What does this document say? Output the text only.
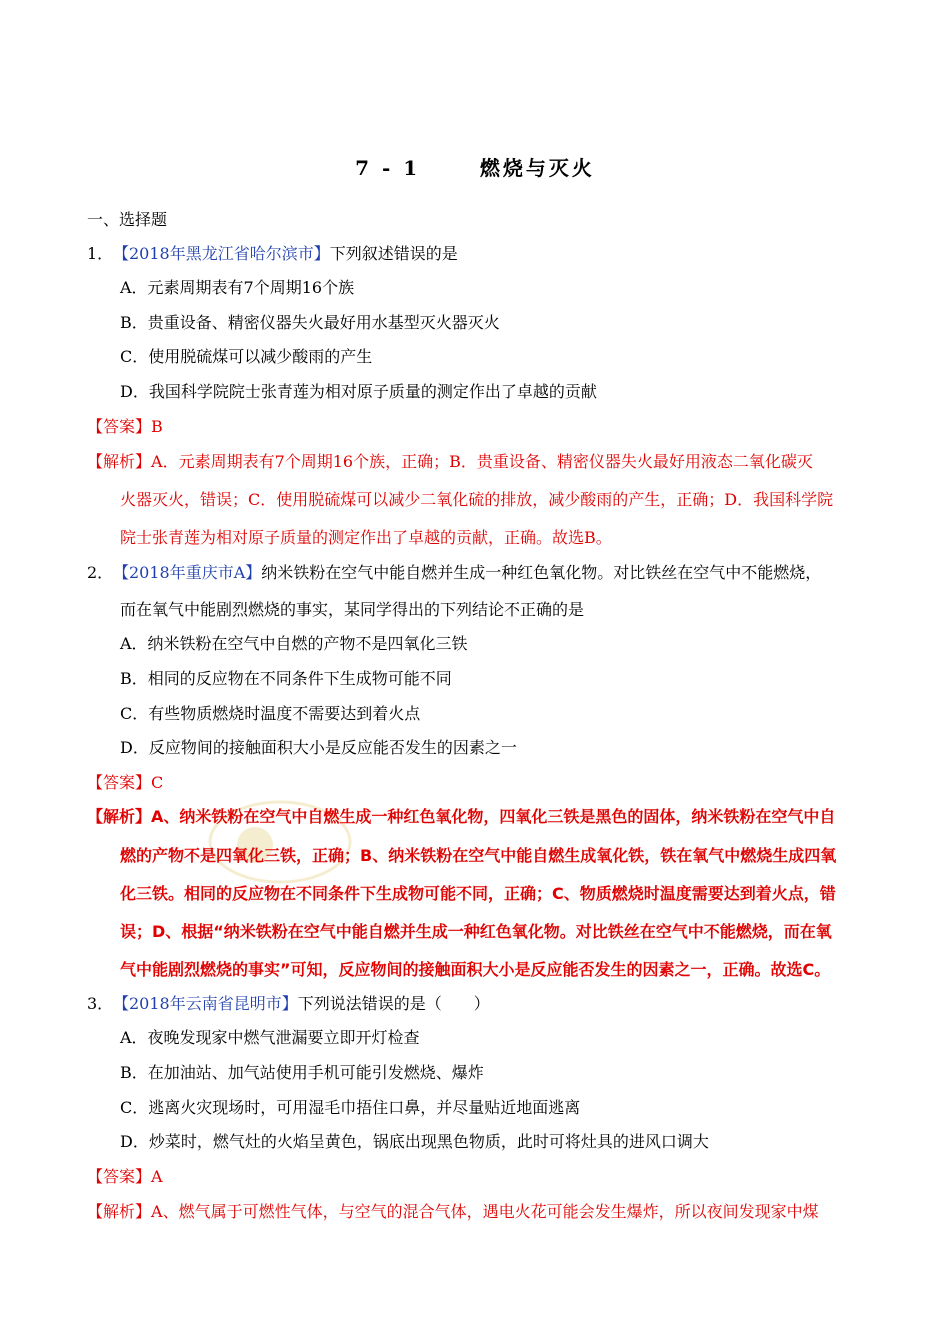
7 - 1      燃烧与灭火
一、选择题
1．【2018年黑龙江省哈尔滨市】下列叙述错误的是
A．元素周期表有7个周期16个族
B．贵重设备、精密仪器失火最好用水基型灭火器灭火
C．使用脱硫煤可以减少酸雨的产生
D．我国科学院院士张青莲为相对原子质量的测定作出了卓越的贡献
【答案】B
【解析】A．元素周期表有7个周期16个族，正确；B．贵重设备、精密仪器失火最好用液态二氧化碳灭
火器灭火，错误；C．使用脱硫煤可以减少二氧化硫的排放，减少酸雨的产生，正确；D．我国科学院
院士张青莲为相对原子质量的测定作出了卓越的贡献，正确。故选B。
2．【2018年重庆市A】纳米铁粉在空气中能自燃并生成一种红色氧化物。对比铁丝在空气中不能燃烧，
而在氧气中能剧烈燃烧的事实，某同学得出的下列结论不正确的是
A．纳米铁粉在空气中自燃的产物不是四氧化三铁
B．相同的反应物在不同条件下生成物可能不同
C．有些物质燃烧时温度不需要达到着火点
D．反应物间的接触面积大小是反应能否发生的因素之一
【答案】C
【解析】A、纳米铁粉在空气中自燃生成一种红色氧化物，四氧化三铁是黑色的固体，纳米铁粉在空气中自
燃的产物不是四氧化三铁，正确；B、纳米铁粉在空气中能自燃生成氧化铁，铁在氧气中燃烧生成四氧
化三铁。相同的反应物在不同条件下生成物可能不同，正确；C、物质燃烧时温度需要达到着火点，错
误；D、根据“纳米铁粉在空气中能自燃并生成一种红色氧化物。对比铁丝在空气中不能燃烧，而在氧
气中能剧烈燃烧的事实”可知，反应物间的接触面积大小是反应能否发生的因素之一，正确。故选C。
3．【2018年云南省昆明市】下列说法错误的是（　　）
A．夜晚发现家中燃气泄漏要立即开灯检查
B．在加油站、加气站使用手机可能引发燃烧、爆炸
C．逃离火灾现场时，可用湿毛巾捂住口鼻，并尽量贴近地面逃离
D．炒菜时，燃气灶的火焰呈黄色，锅底出现黑色物质，此时可将灶具的进风口调大
【答案】A
【解析】A、燃气属于可燃性气体，与空气的混合气体，遇电火花可能会发生爆炸，所以夜间发现家中煤
